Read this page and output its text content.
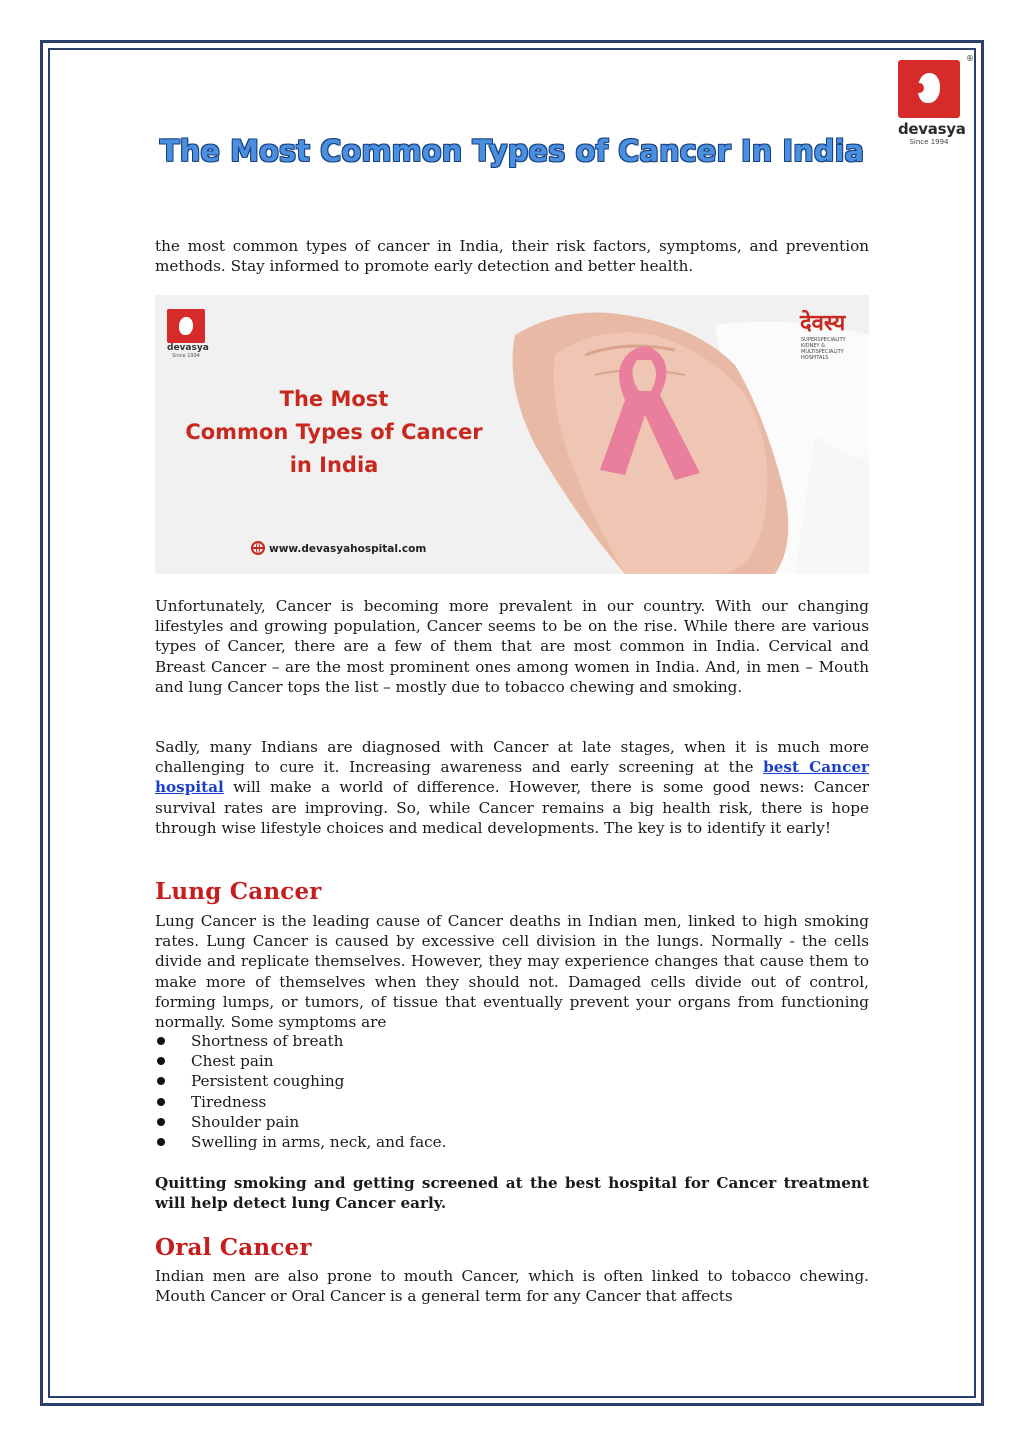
®
devasya
Since 1994
The Most Common Types of Cancer In India

the most common types of cancer in India, their risk factors, symptoms, and prevention methods. Stay informed to promote early detection and better health.

devasya
Since 1994
The Most
Common Types of Cancer
in India
www.devasyahospital.com
देवस्य
SUPERSPECIALITY KIDNEY & MULTISPECIALITY HOSPITALS

Unfortunately, Cancer is becoming more prevalent in our country. With our changing lifestyles and growing population, Cancer seems to be on the rise. While there are various types of Cancer, there are a few of them that are most common in India. Cervical and Breast Cancer – are the most prominent ones among women in India. And, in men – Mouth and lung Cancer tops the list – mostly due to tobacco chewing and smoking.

Sadly, many Indians are diagnosed with Cancer at late stages, when it is much more challenging to cure it. Increasing awareness and early screening at the best Cancer hospital will make a world of difference. However, there is some good news: Cancer survival rates are improving. So, while Cancer remains a big health risk, there is hope through wise lifestyle choices and medical developments. The key is to identify it early!

Lung Cancer

Lung Cancer is the leading cause of Cancer deaths in Indian men, linked to high smoking rates. Lung Cancer is caused by excessive cell division in the lungs. Normally - the cells divide and replicate themselves. However, they may experience changes that cause them to make more of themselves when they should not. Damaged cells divide out of control, forming lumps, or tumors, of tissue that eventually prevent your organs from functioning normally. Some symptoms are

Shortness of breath
Chest pain
Persistent coughing
Tiredness
Shoulder pain
Swelling in arms, neck, and face.

Quitting smoking and getting screened at the best hospital for Cancer treatment will help detect lung Cancer early.

Oral Cancer

Indian men are also prone to mouth Cancer, which is often linked to tobacco chewing. Mouth Cancer or Oral Cancer is a general term for any Cancer that affects
